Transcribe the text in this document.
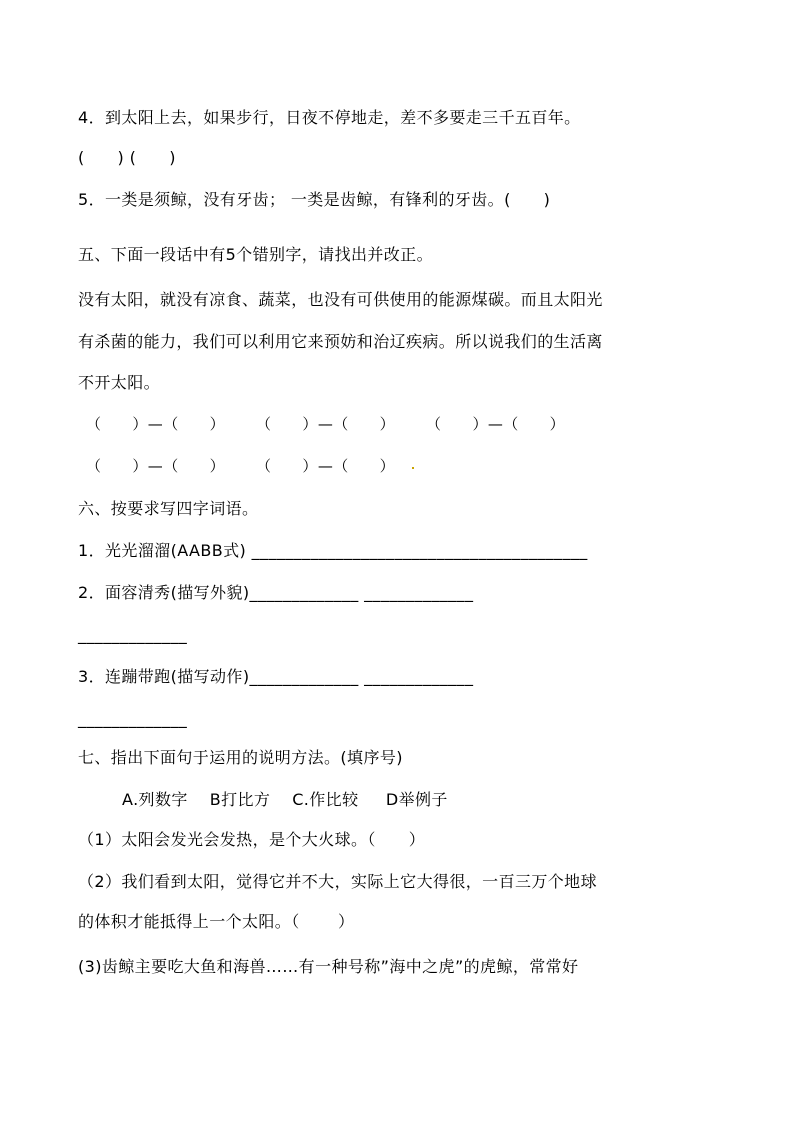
4．到太阳上去，如果步行，日夜不停地走，差不多要走三千五百年。
(      ) (      )
5．一类是须鲸，没有牙齿； 一类是齿鲸，有锋利的牙齿。(      )
五、下面一段话中有5个错别字，请找出并改正。
没有太阳，就没有凉食、蔬菜，也没有可供使用的能源煤碳。而且太阳光
有杀菌的能力，我们可以利用它来预妨和治辽疾病。所以说我们的生活离
不开太阳。
（      ）—（      ）      （      ）—（      ）      （      ）—（      ）
（      ）—（      ）      （      ）—（      ）
六、按要求写四字词语。
1．光光溜溜(AABB式) ________________________________________
2．面容清秀(描写外貌)_____________ _____________
_____________
3．连蹦带跑(描写动作)_____________ _____________
_____________
七、指出下面句于运用的说明方法。(填序号)
A.列数字    B打比方    C.作比较     D举例子
（1）太阳会发光会发热，是个大火球。（      ）
（2）我们看到太阳，觉得它并不大，实际上它大得很，一百三万个地球
的体积才能抵得上一个太阳。（       ）
(3)齿鲸主要吃大鱼和海兽……有一种号称”海中之虎”的虎鲸，常常好
